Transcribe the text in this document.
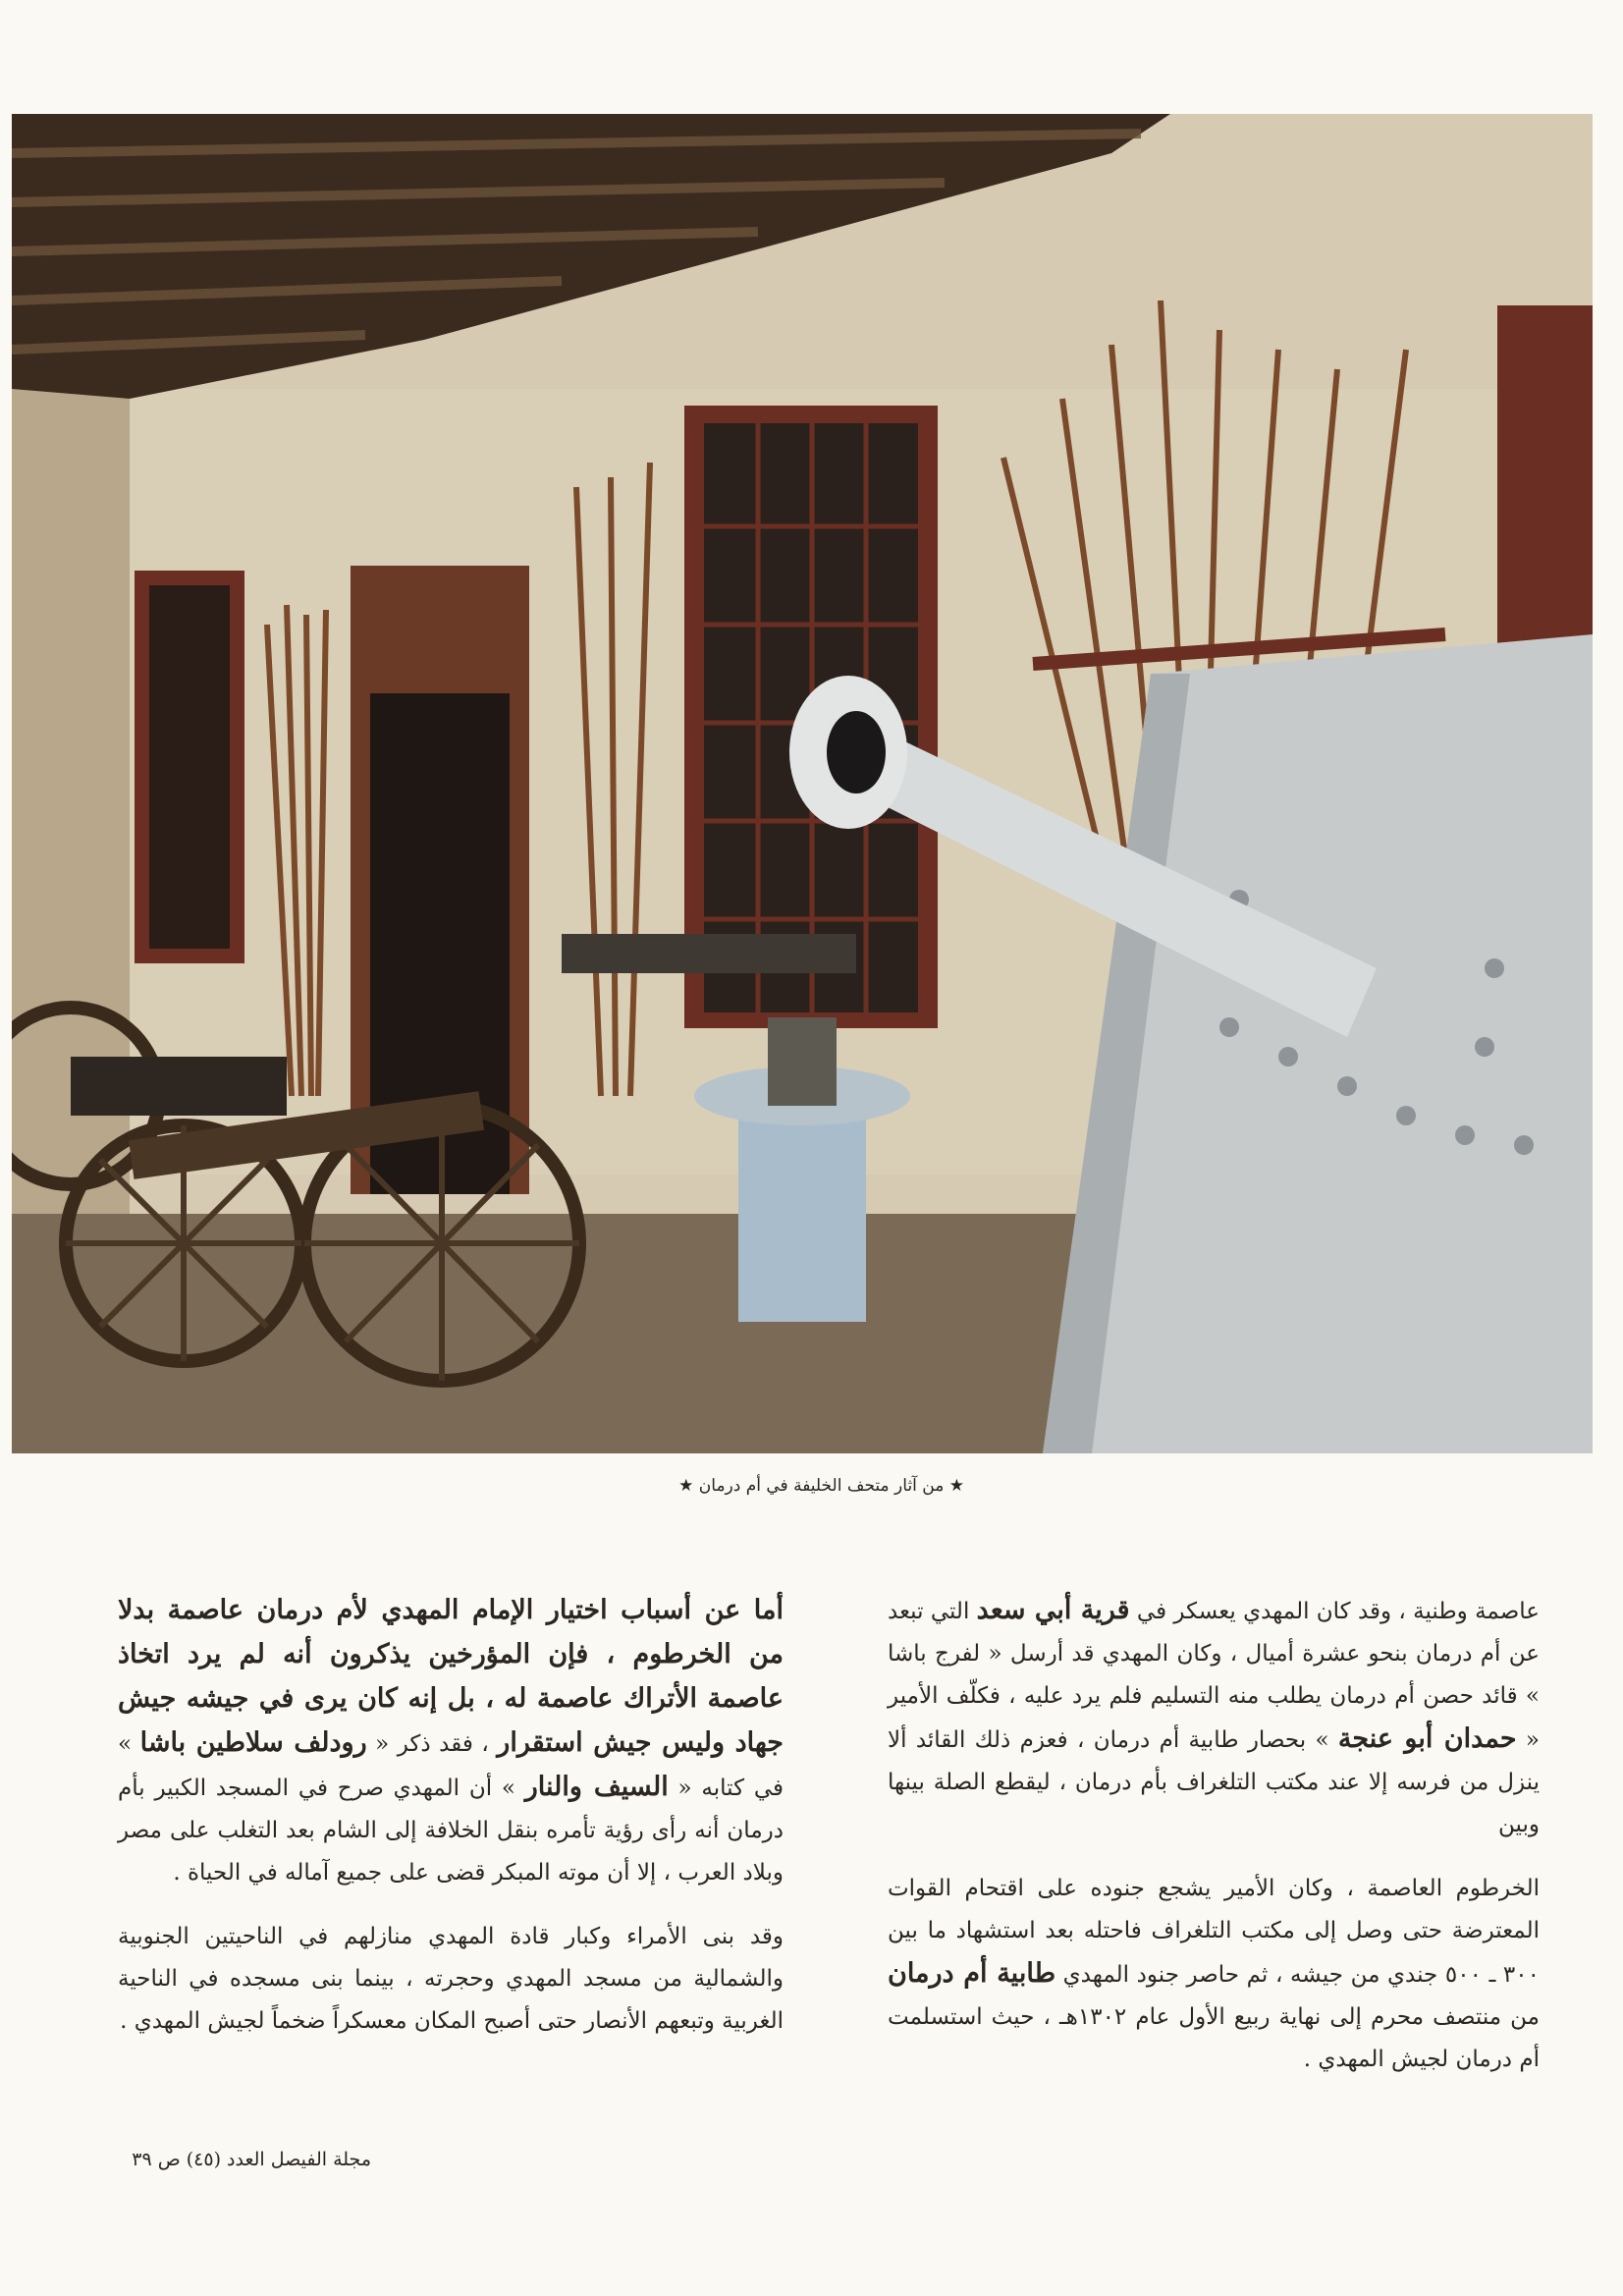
★ من آثار متحف الخليفة في أم درمان ★

عاصمة وطنية ، وقد كان المهدي يعسكر في قرية أبي سعد التي تبعد عن أم درمان بنحو عشرة أميال ، وكان المهدي قد أرسل « لفرج باشا » قائد حصن أم درمان يطلب منه التسليم فلم يرد عليه ، فكلّف الأمير « حمدان أبو عنجة » بحصار طابية أم درمان ، فعزم ذلك القائد ألا ينزل من فرسه إلا عند مكتب التلغراف بأم درمان ، ليقطع الصلة بينها وبين

الخرطوم العاصمة ، وكان الأمير يشجع جنوده على اقتحام القوات المعترضة حتى وصل إلى مكتب التلغراف فاحتله بعد استشهاد ما بين ٣٠٠ ـ ٥٠٠ جندي من جيشه ، ثم حاصر جنود المهدي طابية أم درمان من منتصف محرم إلى نهاية ربيع الأول عام ١٣٠٢هـ ، حيث استسلمت أم درمان لجيش المهدي .

أما عن أسباب اختيار الإمام المهدي لأم درمان عاصمة بدلا من الخرطوم ، فإن المؤرخين يذكرون أنه لم يرد اتخاذ عاصمة الأتراك عاصمة له ، بل إنه كان يرى في جيشه جيش جهاد وليس جيش استقرار ، فقد ذكر « رودلف سلاطين باشا » في كتابه « السيف والنار » أن المهدي صرح في المسجد الكبير بأم درمان أنه رأى رؤية تأمره بنقل الخلافة إلى الشام بعد التغلب على مصر وبلاد العرب ، إلا أن موته المبكر قضى على جميع آماله في الحياة .

وقد بنى الأمراء وكبار قادة المهدي منازلهم في الناحيتين الجنوبية والشمالية من مسجد المهدي وحجرته ، بينما بنى مسجده في الناحية الغربية وتبعهم الأنصار حتى أصبح المكان معسكراً ضخماً لجيش المهدي .

مجلة الفيصل العدد (٤٥) ص ٣٩
